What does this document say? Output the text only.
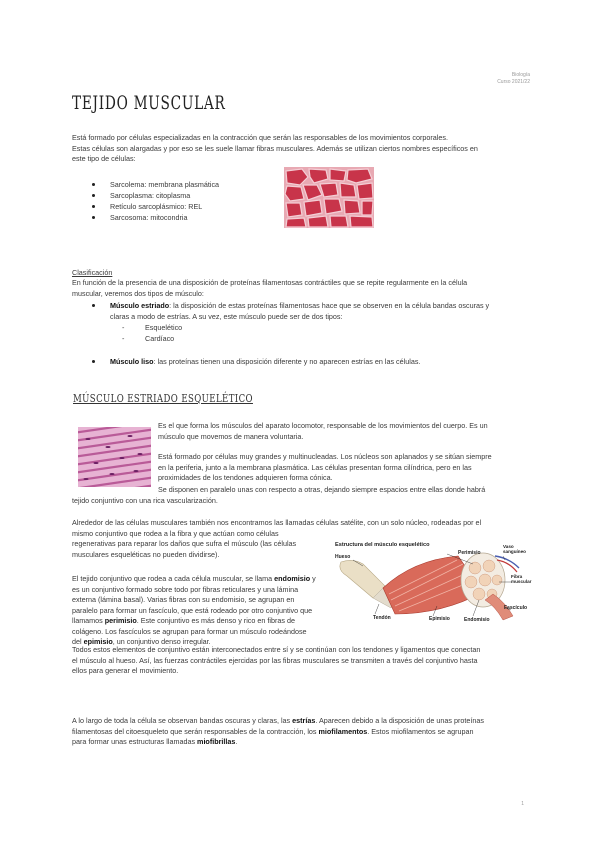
Biología
Curso 2021/22
TEJIDO MUSCULAR
Está formado por células especializadas en la contracción que serán las responsables de los movimientos corporales.
Estas células son alargadas y por eso se les suele llamar fibras musculares. Además se utilizan ciertos nombres específicos en
este tipo de células:
Sarcolema: membrana plasmática
Sarcoplasma: citoplasma
Retículo sarcoplásmico: REL
Sarcosoma: mitocondria
Clasificación
En función de la presencia de una disposición de proteínas filamentosas contráctiles que se repite regularmente en la célula
muscular, veremos dos tipos de músculo:
Músculo estriado: la disposición de estas proteínas filamentosas hace que se observen en la célula bandas oscuras y
claras a modo de estrías. A su vez, este músculo puede ser de dos tipos:
-	Esquelético
-	Cardíaco
Músculo liso: las proteínas tienen una disposición diferente y no aparecen estrías en las células.
MÚSCULO ESTRIADO ESQUELÉTICO
Es el que forma los músculos del aparato locomotor, responsable de los movimientos del cuerpo. Es un
músculo que movemos de manera voluntaria.
Está formado por células muy grandes y multinucleadas. Los núcleos son aplanados y se sitúan siempre
en la periferia, junto a la membrana plasmática. Las células presentan forma cilíndrica, pero en las
proximidades de los tendones adquieren forma cónica.
Se disponen en paralelo unas con respecto a otras, dejando siempre espacios entre ellas donde habrá
tejido conjuntivo con una rica vascularización.
Alrededor de las células musculares también nos encontramos las llamadas células satélite, con un solo núcleo, rodeadas por el
mismo conjuntivo que rodea a la fibra y que actúan como células
regenerativas para reparar los daños que sufra el músculo (las células
musculares esqueléticas no pueden dividirse).
El tejido conjuntivo que rodea a cada célula muscular, se llama endomisio y
es un conjuntivo formado sobre todo por fibras reticulares y una lámina
externa (lámina basal). Varias fibras con su endomisio, se agrupan en
paralelo para formar un fascículo, que está rodeado por otro conjuntivo que
llamamos perimisio. Este conjuntivo es más denso y rico en fibras de
colágeno. Los fascículos se agrupan para formar un músculo rodeándose
del epimisio, un conjuntivo denso irregular.
Estructura del músculo esquelético
Hueso
Perimisio
Vaso sanguíneo
Fibra muscular
Tendón	Epimisio	Endomisio
Fascículo
Todos estos elementos de conjuntivo están interconectados entre sí y se continúan con los tendones y ligamentos que conectan
el músculo al hueso. Así, las fuerzas contráctiles ejercidas por las fibras musculares se transmiten a través del conjuntivo hasta
ellos para generar el movimiento.
A lo largo de toda la célula se observan bandas oscuras y claras, las estrías. Aparecen debido a la disposición de unas proteínas
filamentosas del citoesqueleto que serán responsables de la contracción, los miofilamentos. Estos miofilamentos se agrupan
para formar unas estructuras llamadas miofibrillas.
1
